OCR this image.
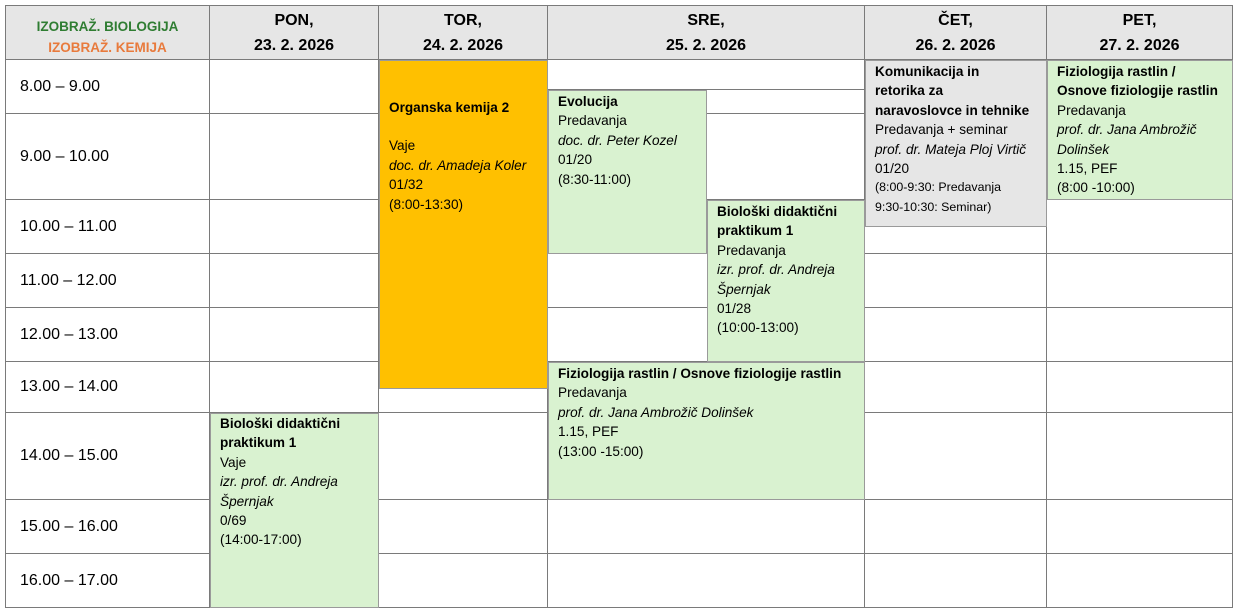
IZOBRAŽ. BIOLOGIJA
IZOBRAŽ. KEMIJA
PON,
23. 2. 2026
TOR,
24. 2. 2026
SRE,
25. 2. 2026
ČET,
26. 2. 2026
PET,
27. 2. 2026
8.00 – 9.00
9.00 – 10.00
10.00 – 11.00
11.00 – 12.00
12.00 – 13.00
13.00 – 14.00
14.00 – 15.00
15.00 – 16.00
16.00 – 17.00
Organska kemija 2
Vaje
doc. dr. Amadeja Koler
01/32
(8:00-13:30)
Evolucija
Predavanja
doc. dr. Peter Kozel
01/20
(8:30-11:00)
Biološki didaktični
praktikum 1
Predavanja
izr. prof. dr. Andreja
Špernjak
01/28
(10:00-13:00)
Fiziologija rastlin / Osnove fiziologije rastlin
Predavanja
prof. dr. Jana Ambrožič Dolinšek
1.15, PEF
(13:00 -15:00)
Komunikacija in
retorika za
naravoslovce in tehnike
Predavanja + seminar
prof. dr. Mateja Ploj Virtič
01/20
(8:00-9:30: Predavanja
9:30-10:30: Seminar)
Fiziologija rastlin /
Osnove fiziologije rastlin
Predavanja
prof. dr. Jana Ambrožič
Dolinšek
1.15, PEF
(8:00 -10:00)
Biološki didaktični
praktikum 1
Vaje
izr. prof. dr. Andreja
Špernjak
0/69
(14:00-17:00)
